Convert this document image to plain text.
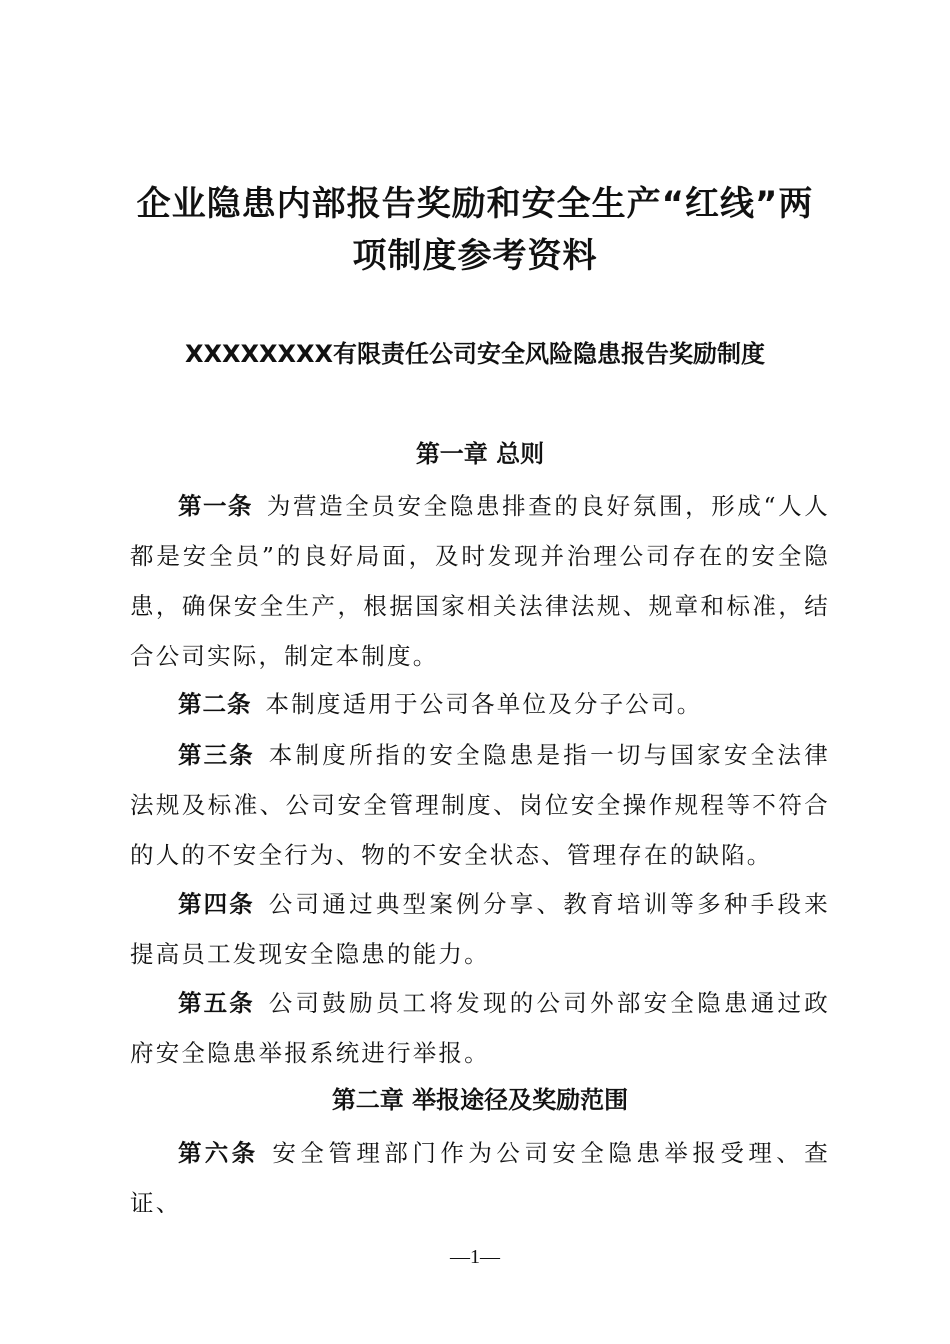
企业隐患内部报告奖励和安全生产“红线”两项制度参考资料
XXXXXXXX有限责任公司安全风险隐患报告奖励制度
第一章 总则

第一条 为营造全员安全隐患排查的良好氛围，形成“人人都是安全员”的良好局面，及时发现并治理公司存在的安全隐患，确保安全生产，根据国家相关法律法规、规章和标准，结合公司实际，制定本制度。

第二条 本制度适用于公司各单位及分子公司。

第三条 本制度所指的安全隐患是指一切与国家安全法律法规及标准、公司安全管理制度、岗位安全操作规程等不符合的人的不安全行为、物的不安全状态、管理存在的缺陷。

第四条 公司通过典型案例分享、教育培训等多种手段来提高员工发现安全隐患的能力。

第五条 公司鼓励员工将发现的公司外部安全隐患通过政府安全隐患举报系统进行举报。

第二章 举报途径及奖励范围

第六条 安全管理部门作为公司安全隐患举报受理、查证、

—1—
